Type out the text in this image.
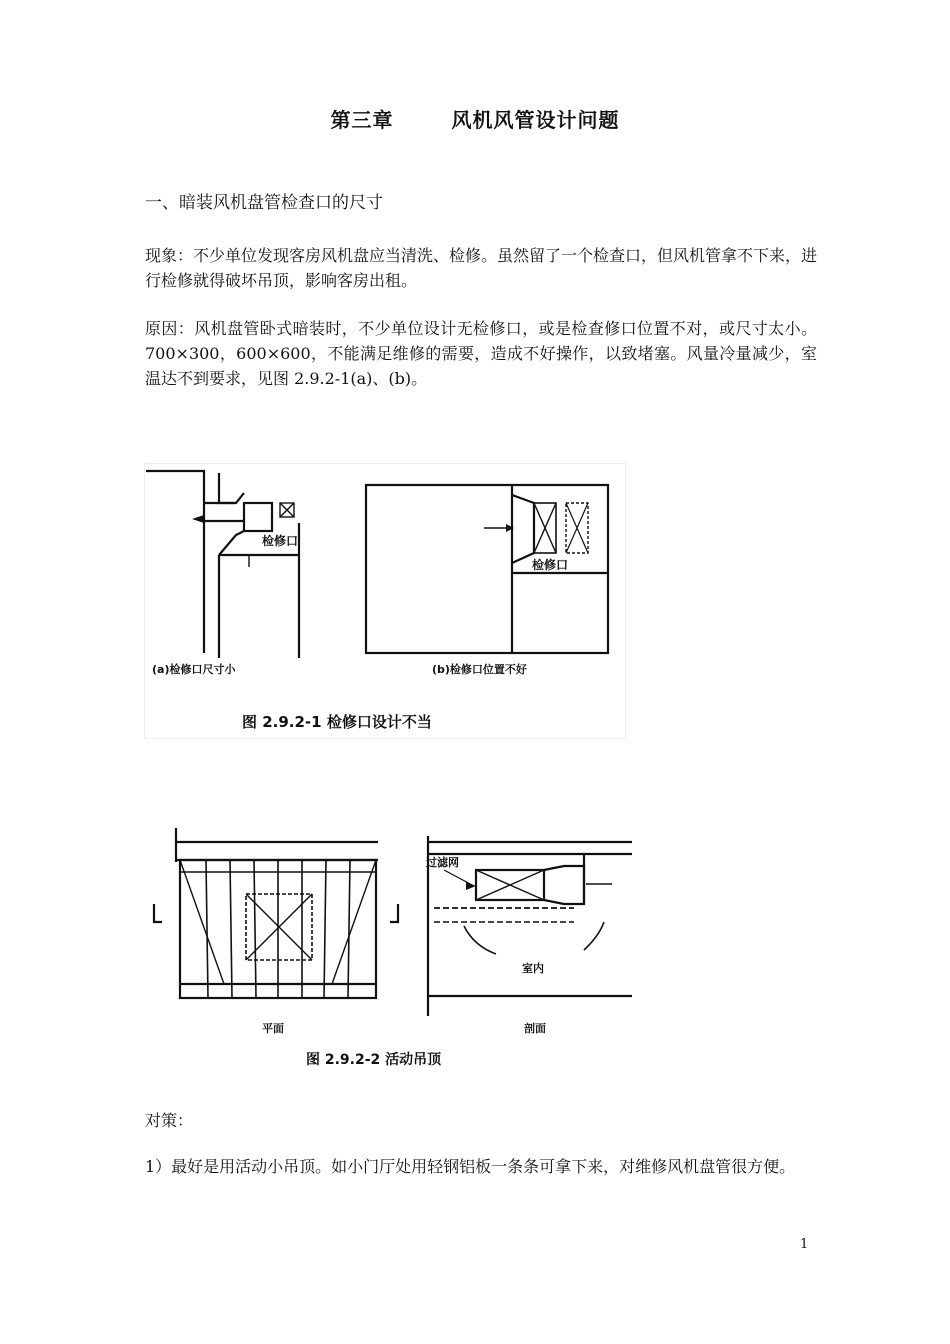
第三章	风机风管设计问题
一、暗装风机盘管检查口的尺寸
现象：不少单位发现客房风机盘应当清洗、检修。虽然留了一个检查口，但风机管拿不下来，进行检修就得破坏吊顶，影响客房出租。
原因：风机盘管卧式暗装时，不少单位设计无检修口，或是检查修口位置不对，或尺寸太小。700×300，600×600，不能满足维修的需要，造成不好操作，以致堵塞。风量冷量减少，室温达不到要求，见图 2.9.2-1(a)、(b)。
检修口
检修口
(a)检修口尺寸小	(b)检修口位置不好
图 2.9.2-1 检修口设计不当
过滤网
室内
平面	剖面
图 2.9.2-2 活动吊顶
对策：
1）最好是用活动小吊顶。如小门厅处用轻钢铝板一条条可拿下来，对维修风机盘管很方便。
1
